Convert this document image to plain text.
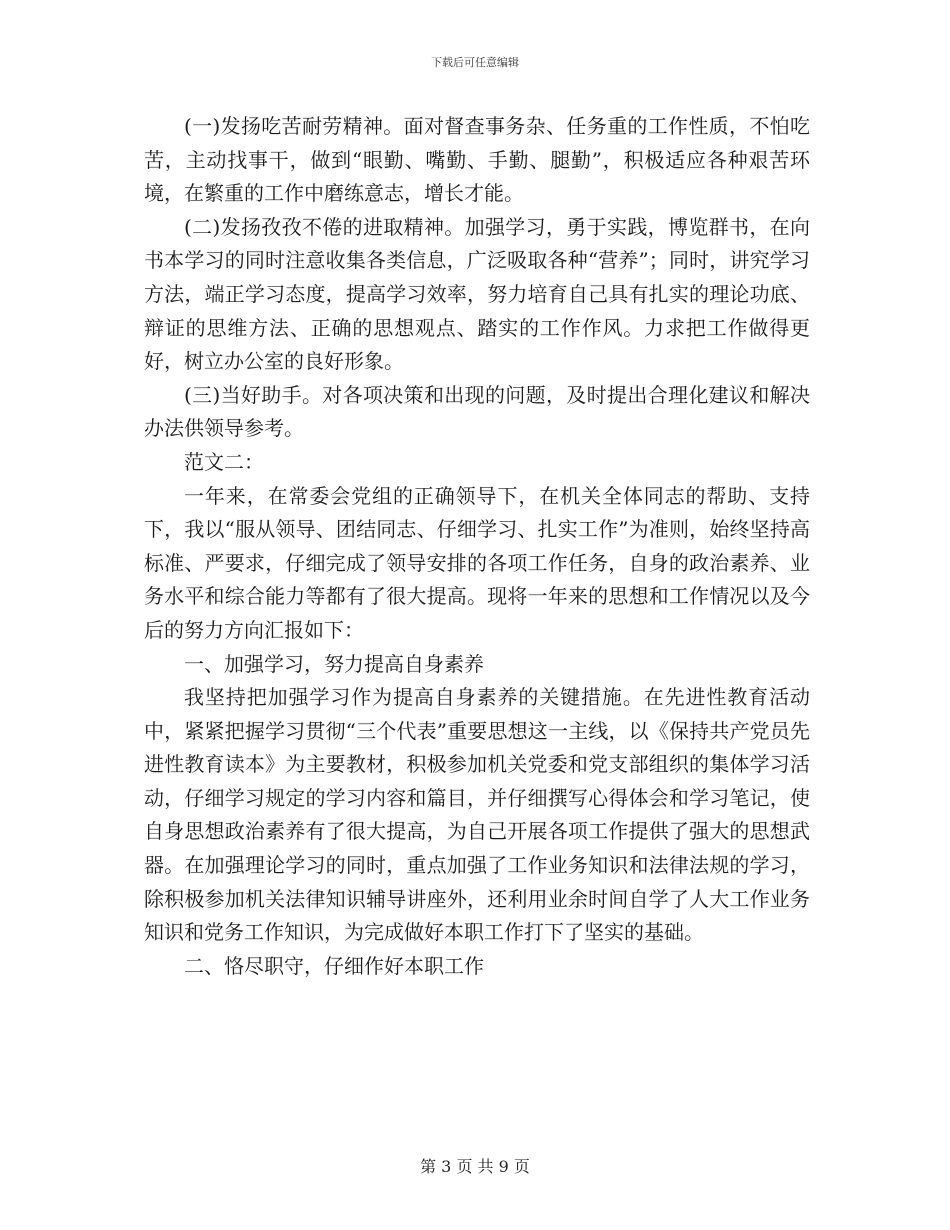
下载后可任意编辑

(一)发扬吃苦耐劳精神。面对督查事务杂、任务重的工作性质，不怕吃苦，主动找事干，做到“眼勤、嘴勤、手勤、腿勤”，积极适应各种艰苦环境，在繁重的工作中磨练意志，增长才能。

(二)发扬孜孜不倦的进取精神。加强学习，勇于实践，博览群书，在向书本学习的同时注意收集各类信息，广泛吸取各种“营养”；同时，讲究学习方法，端正学习态度，提高学习效率，努力培育自己具有扎实的理论功底、辩证的思维方法、正确的思想观点、踏实的工作作风。力求把工作做得更好，树立办公室的良好形象。

(三)当好助手。对各项决策和出现的问题，及时提出合理化建议和解决办法供领导参考。

范文二：

一年来，在常委会党组的正确领导下，在机关全体同志的帮助、支持下，我以“服从领导、团结同志、仔细学习、扎实工作”为准则，始终坚持高标准、严要求，仔细完成了领导安排的各项工作任务，自身的政治素养、业务水平和综合能力等都有了很大提高。现将一年来的思想和工作情况以及今后的努力方向汇报如下：

一、加强学习，努力提高自身素养

我坚持把加强学习作为提高自身素养的关键措施。在先进性教育活动中，紧紧把握学习贯彻“三个代表”重要思想这一主线，以《保持共产党员先进性教育读本》为主要教材，积极参加机关党委和党支部组织的集体学习活动，仔细学习规定的学习内容和篇目，并仔细撰写心得体会和学习笔记，使自身思想政治素养有了很大提高，为自己开展各项工作提供了强大的思想武器。在加强理论学习的同时，重点加强了工作业务知识和法律法规的学习，除积极参加机关法律知识辅导讲座外，还利用业余时间自学了人大工作业务知识和党务工作知识，为完成做好本职工作打下了坚实的基础。

二、恪尽职守，仔细作好本职工作

第 3 页 共 9 页
